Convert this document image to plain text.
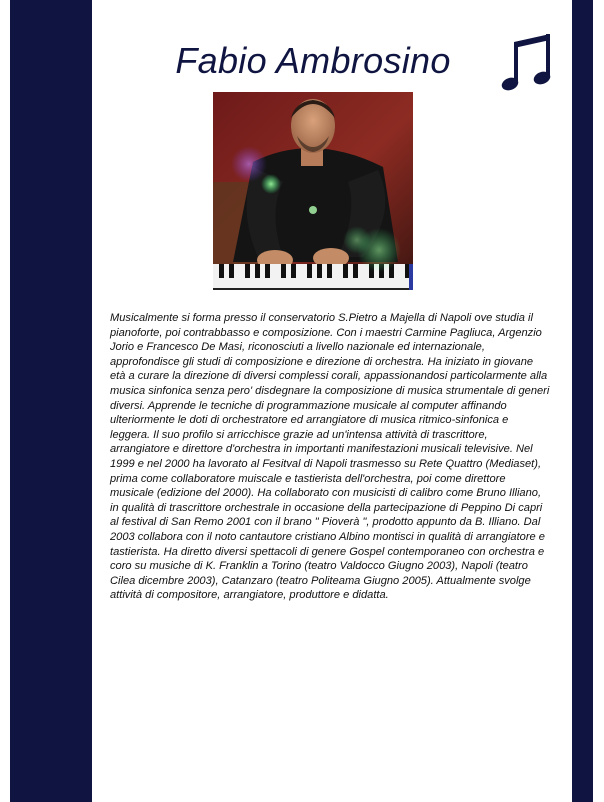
Fabio Ambrosino

Musicalmente si forma presso il conservatorio S.Pietro a Majella di Napoli ove studia il pianoforte, poi contrabbasso e composizione. Con i maestri Carmine Pagliuca, Argenzio Jorio e Francesco De Masi, riconosciuti a livello nazionale ed internazionale, approfondisce gli studi di composizione e direzione di orchestra. Ha iniziato in giovane età a curare la direzione di diversi complessi corali, appassionandosi particolarmente alla musica sinfonica senza pero' disdegnare la composizione di musica strumentale di generi diversi. Apprende le tecniche di programmazione musicale al computer affinando ulteriormente le doti di orchestratore ed arrangiatore di musica ritmico-sinfonica e leggera. Il suo profilo si arricchisce grazie ad un'intensa attività di trascrittore, arrangiatore e direttore d'orchestra in importanti manifestazioni musicali televisive. Nel 1999 e nel 2000 ha lavorato al Fesitval di Napoli trasmesso su Rete Quattro (Mediaset), prima come collaboratore muiscale e tastierista dell'orchestra, poi come direttore musicale (edizione del 2000). Ha collaborato con musicisti di calibro come Bruno Illiano, in qualità di trascrittore orchestrale in occasione della partecipazione di Peppino Di capri al festival di San Remo 2001 con il brano " Pioverà ", prodotto appunto da B. Illiano. Dal 2003 collabora con il noto cantautore cristiano Albino montisci in qualità di arrangiatore e tastierista. Ha diretto diversi spettacoli di genere Gospel contemporaneo con orchestra e coro su musiche di K. Franklin a Torino (teatro Valdocco Giugno 2003), Napoli (teatro Cilea dicembre 2003), Catanzaro (teatro Politeama Giugno 2005). Attualmente svolge attività di compositore, arrangiatore, produttore e didatta.
